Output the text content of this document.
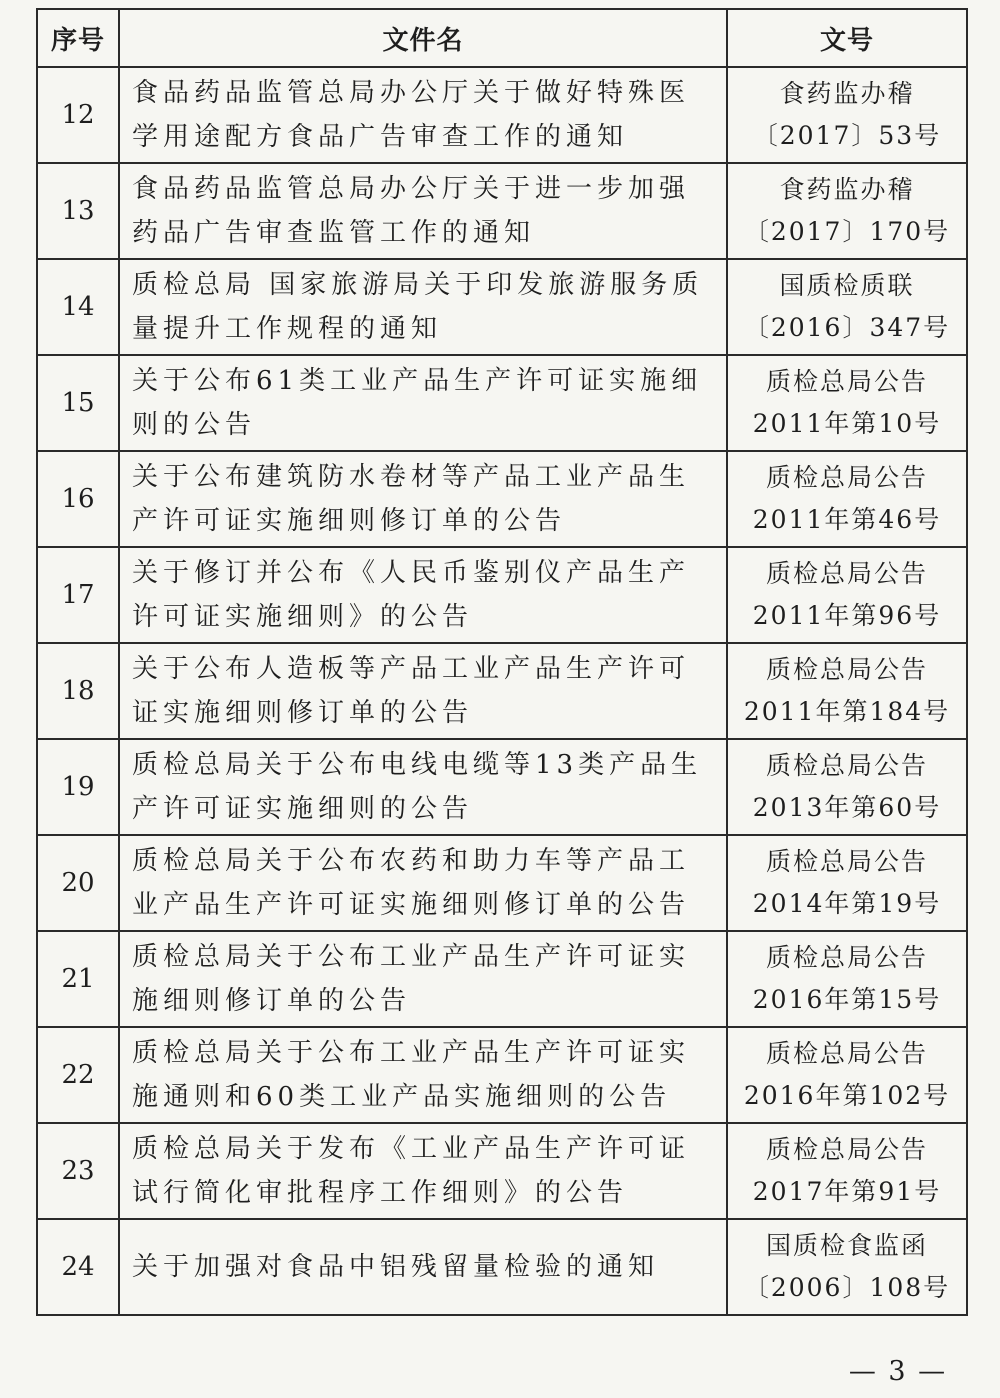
序号	文件名	文号
12	食品药品监管总局办公厅关于做好特殊医学用途配方食品广告审查工作的通知	食药监办稽
〔2017〕53号

13	食品药品监管总局办公厅关于进一步加强药品广告审查监管工作的通知	食药监办稽
〔2017〕170号

14	质检总局 国家旅游局关于印发旅游服务质量提升工作规程的通知	国质检质联
〔2016〕347号

15	关于公布61类工业产品生产许可证实施细则的公告	质检总局公告
2011年第10号

16	关于公布建筑防水卷材等产品工业产品生产许可证实施细则修订单的公告	质检总局公告
2011年第46号

17	关于修订并公布《人民币鉴别仪产品生产许可证实施细则》的公告	质检总局公告
2011年第96号

18	关于公布人造板等产品工业产品生产许可证实施细则修订单的公告	质检总局公告
2011年第184号

19	质检总局关于公布电线电缆等13类产品生产许可证实施细则的公告	质检总局公告
2013年第60号

20	质检总局关于公布农药和助力车等产品工业产品生产许可证实施细则修订单的公告	质检总局公告
2014年第19号

21	质检总局关于公布工业产品生产许可证实施细则修订单的公告	质检总局公告
2016年第15号

22	质检总局关于公布工业产品生产许可证实施通则和60类工业产品实施细则的公告	质检总局公告
2016年第102号

23	质检总局关于发布《工业产品生产许可证试行简化审批程序工作细则》的公告	质检总局公告
2017年第91号

24	关于加强对食品中铝残留量检验的通知	国质检食监函
〔2006〕108号
— 3 —
